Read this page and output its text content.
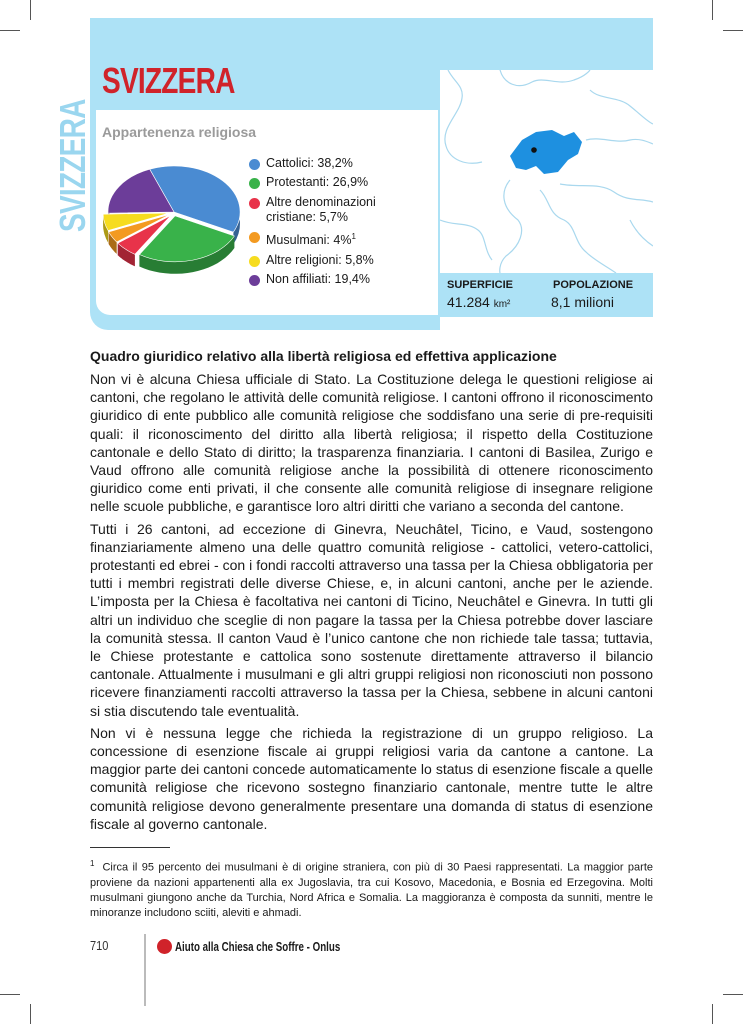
SVIZZERA
SVIZZERA Appartenenza religiosa
Cattolici: 38,2%
Protestanti: 26,9%
Altre denominazioni cristiane: 5,7%
Musulmani: 4%$^1$
Altre religioni: 5,8%
Non affiliati: 19,4%	SUPERFICIE
41.284 km²
POPOLAZIONE
8,1 milioni
Quadro giuridico relativo alla libertà religiosa ed effettiva applicazione

Non vi è alcuna Chiesa ufficiale di Stato. La Costituzione delega le questioni religiose ai cantoni, che regolano le attività delle comunità religiose. I cantoni offrono il riconoscimento giuridico di ente pubblico alle comunità religiose che soddisfano una serie di pre-requisiti quali: il riconoscimento del diritto alla libertà religiosa; il rispetto della Costituzione cantonale e dello Stato di diritto; la trasparenza finanziaria. I cantoni di Basilea, Zurigo e Vaud offrono alle comunità religiose anche la possibilità di ottenere riconoscimento giuridico come enti privati, il che consente alle comunità religiose di insegnare religione nelle scuole pubbliche, e garantisce loro altri diritti che variano a seconda del cantone.

Tutti i 26 cantoni, ad eccezione di Ginevra, Neuchâtel, Ticino, e Vaud, sostengono finanziariamente almeno una delle quattro comunità religiose - cattolici, vetero-cattolici, protestanti ed ebrei - con i fondi raccolti attraverso una tassa per la Chiesa obbligatoria per tutti i membri registrati delle diverse Chiese, e, in alcuni cantoni, anche per le aziende. L’imposta per la Chiesa è facoltativa nei cantoni di Ticino, Neuchâtel e Ginevra. In tutti gli altri un individuo che sceglie di non pagare la tassa per la Chiesa potrebbe dover lasciare la comunità stessa. Il canton Vaud è l’unico cantone che non richiede tale tassa; tuttavia, le Chiese protestante e cattolica sono sostenute direttamente attraverso il bilancio cantonale. Attualmente i musulmani e gli altri gruppi religiosi non riconosciuti non possono ricevere finanziamenti raccolti attraverso la tassa per la Chiesa, sebbene in alcuni cantoni si stia discutendo tale eventualità.

Non vi è nessuna legge che richieda la registrazione di un gruppo religioso. La concessione di esenzione fiscale ai gruppi religiosi varia da cantone a cantone. La maggior parte dei cantoni concede automaticamente lo status di esenzione fiscale a quelle comunità religiose che ricevono sostegno finanziario cantonale, mentre tutte le altre comunità religiose devono generalmente presentare una domanda di status di esenzione fiscale al governo cantonale.

$^1$ Circa il 95 percento dei musulmani è di origine straniera, con più di 30 Paesi rappresentati. La maggior parte proviene da nazioni appartenenti alla ex Jugoslavia, tra cui Kosovo, Macedonia, e Bosnia ed Erzegovina. Molti musulmani giungono anche da Turchia, Nord Africa e Somalia. La maggioranza è composta da sunniti, mentre le minoranze includono sciiti, aleviti e ahmadi.
710	Aiuto alla Chiesa che Soffre - Onlus
